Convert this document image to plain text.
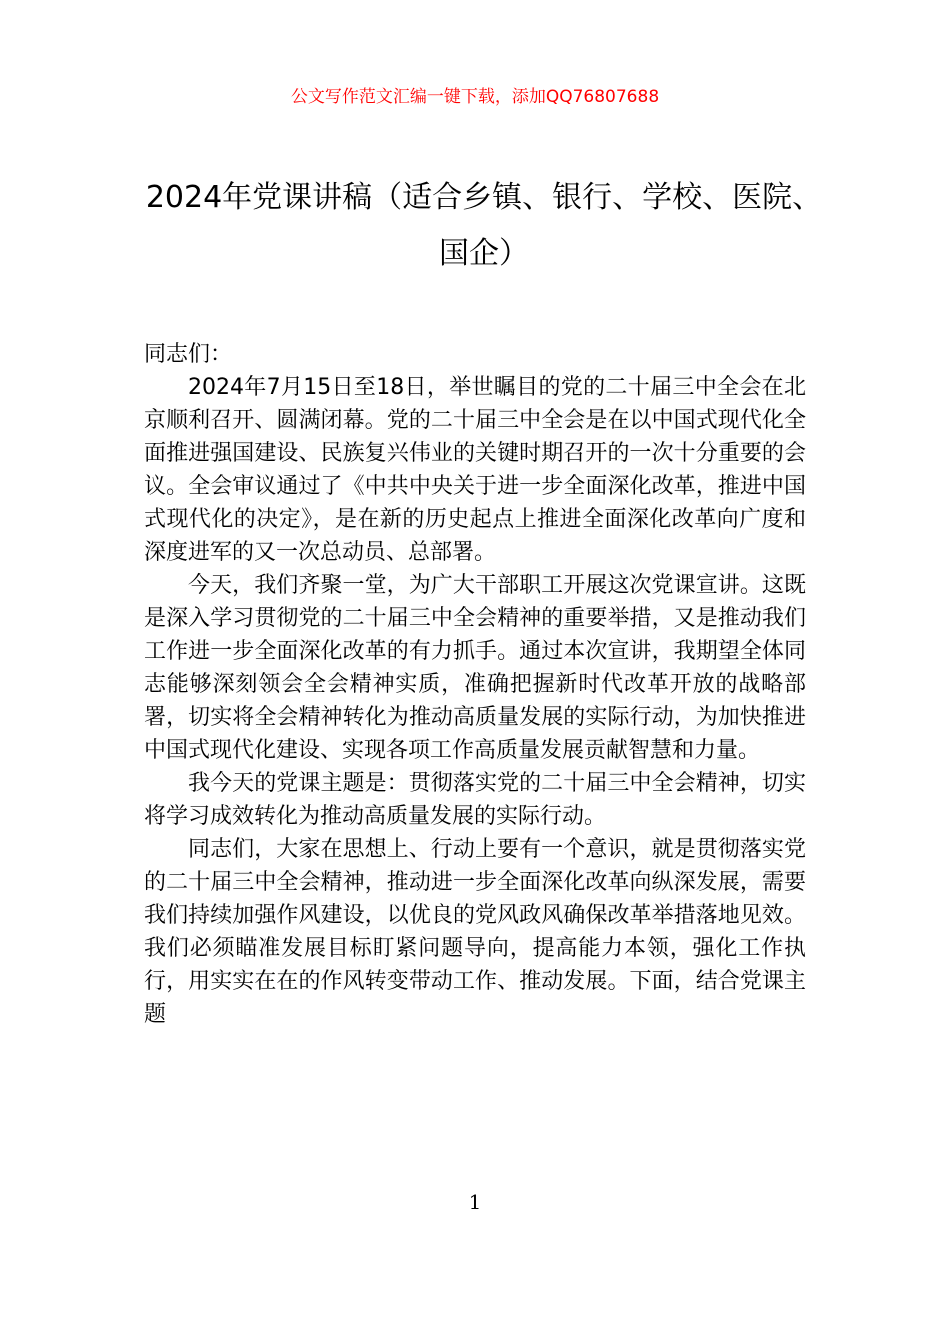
公文写作范文汇编一键下载，添加QQ76807688
2024年党课讲稿（适合乡镇、银行、学校、医院、国企）

同志们：

2024年7月15日至18日，举世瞩目的党的二十届三中全会在北京顺利召开、圆满闭幕。党的二十届三中全会是在以中国式现代化全面推进强国建设、民族复兴伟业的关键时期召开的一次十分重要的会议。全会审议通过了《中共中央关于进一步全面深化改革，推进中国式现代化的决定》，是在新的历史起点上推进全面深化改革向广度和深度进军的又一次总动员、总部署。

今天，我们齐聚一堂，为广大干部职工开展这次党课宣讲。这既是深入学习贯彻党的二十届三中全会精神的重要举措，又是推动我们工作进一步全面深化改革的有力抓手。通过本次宣讲，我期望全体同志能够深刻领会全会精神实质，准确把握新时代改革开放的战略部署，切实将全会精神转化为推动高质量发展的实际行动，为加快推进中国式现代化建设、实现各项工作高质量发展贡献智慧和力量。

我今天的党课主题是：贯彻落实党的二十届三中全会精神，切实将学习成效转化为推动高质量发展的实际行动。

同志们，大家在思想上、行动上要有一个意识，就是贯彻落实党的二十届三中全会精神，推动进一步全面深化改革向纵深发展，需要我们持续加强作风建设，以优良的党风政风确保改革举措落地见效。我们必须瞄准发展目标盯紧问题导向，提高能力本领，强化工作执行，用实实在在的作风转变带动工作、推动发展。下面，结合党课主题

1
